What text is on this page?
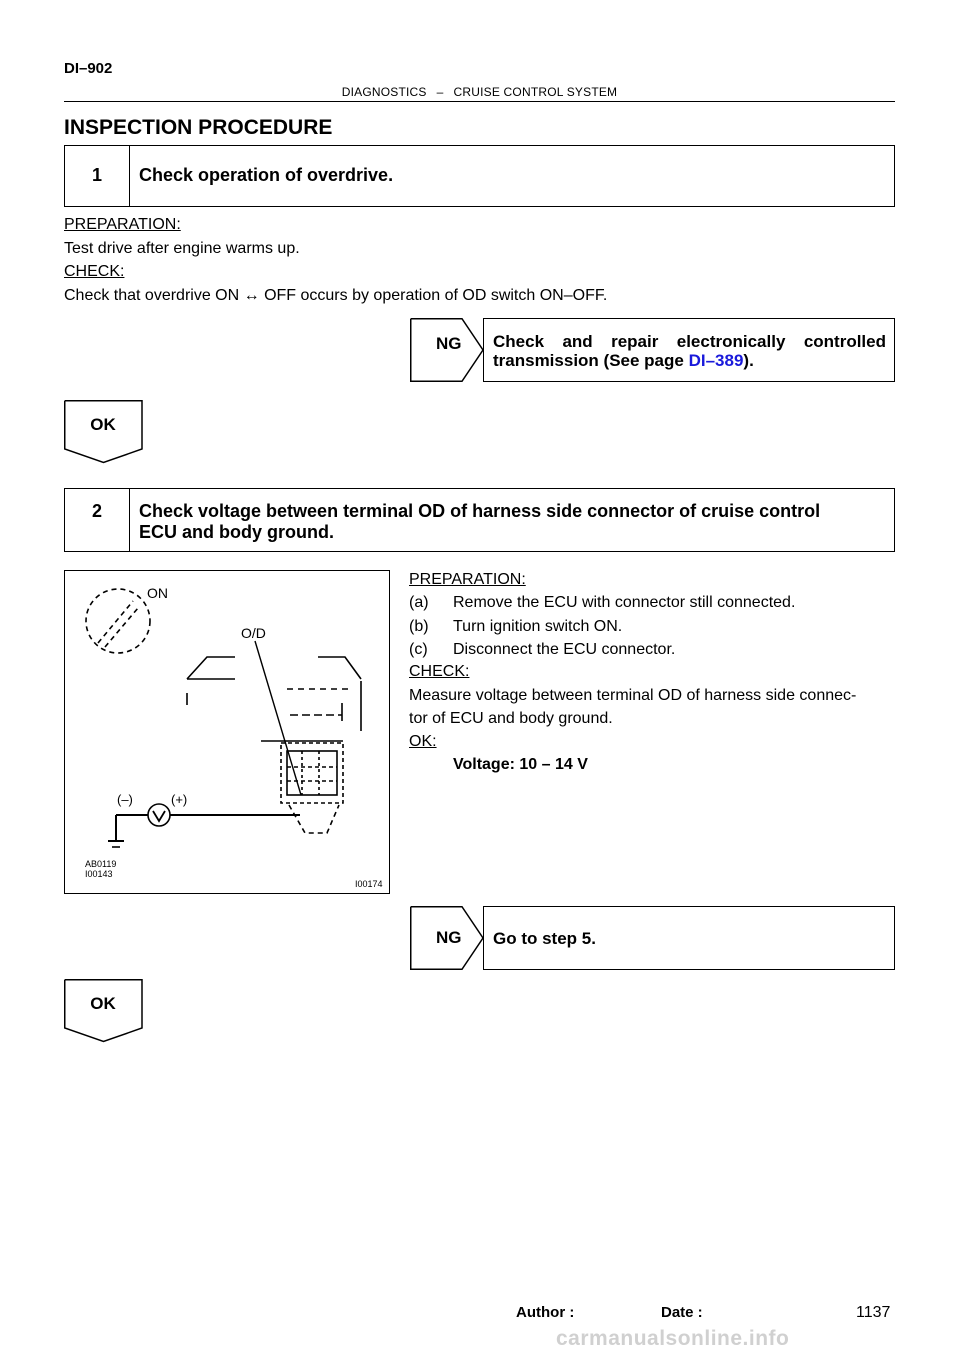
DI–902
DIAGNOSTICS – CRUISE CONTROL SYSTEM
INSPECTION PROCEDURE
1	Check operation of overdrive.
PREPARATION:
Test drive after engine warms up.
CHECK:
Check that overdrive ON ↔ OFF occurs by operation of OD switch ON–OFF.
NG Check and repair electronically controlled
transmission (See page DI–389).
OK
2	Check voltage between terminal OD of harness side connector of cruise control
ECU and body ground.
ON
O/D
(–)	(+)
AB0119
I00143
I00174
PREPARATION:
(a) Remove the ECU with connector still connected.
(b) Turn ignition switch ON.
(c) Disconnect the ECU connector.
CHECK:
Measure voltage between terminal OD of harness side connec-
tor of ECU and body ground.
OK:
Voltage: 10 – 14 V
NG	Go to step 5.
OK
Author :	Date :	1137
carmanualsonline.info
